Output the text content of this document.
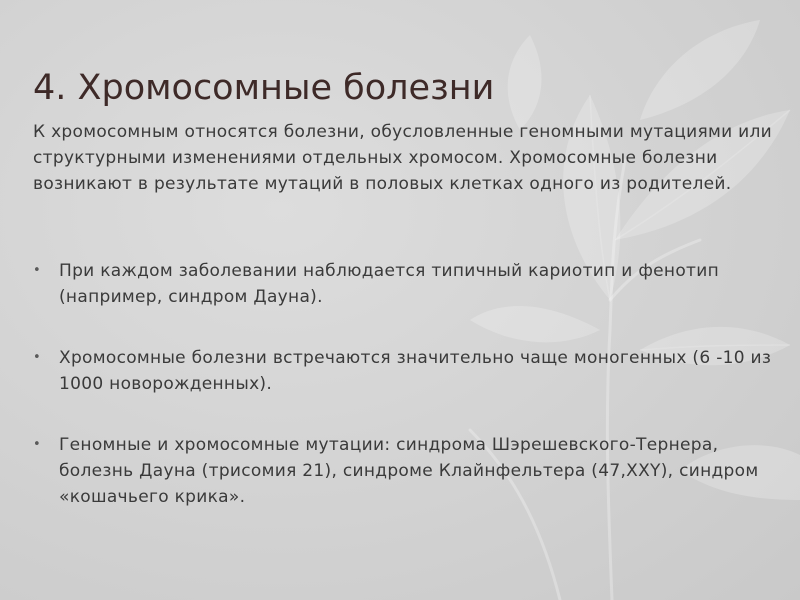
4. Хромосомные болезни

К хромосомным относятся болезни, обусловленные геномными мутациями или структурными изменениями отдельных хромосом. Хромосомные болезни возникают в результате мутаций в половых клетках одного из родителей.

• При каждом заболевании наблюдается типичный кариотип и фенотип (например, синдром Дауна).
• Хромосомные болезни встречаются значительно чаще моногенных (6 -10 из 1000 новорожденных).
• Геномные и хромосомные мутации: синдрома Шэрешевского-Тернера, болезнь Дауна (трисомия 21), синдроме Клайнфельтера (47,XXY), синдром «кошачьего крика».
